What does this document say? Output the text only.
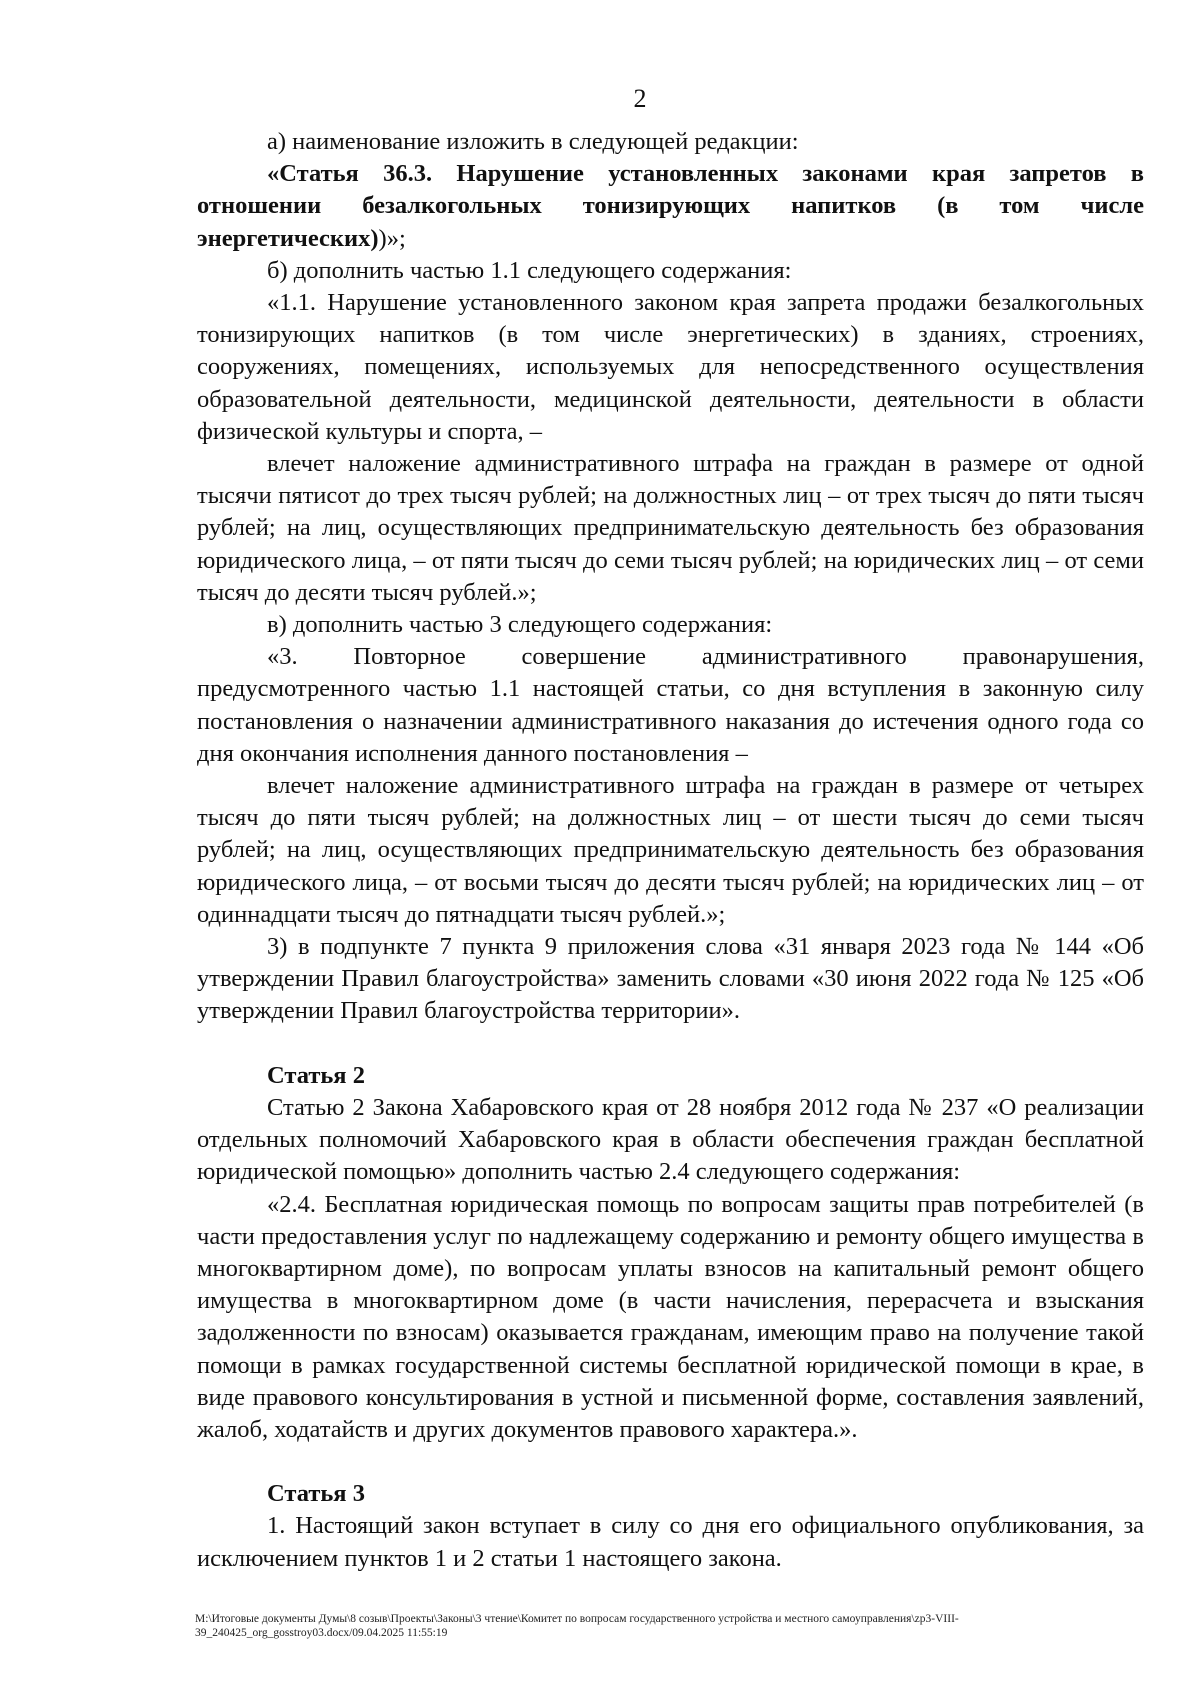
2

а) наименование изложить в следующей редакции:

«Статья 36.3. Нарушение установленных законами края запретов в отношении безалкогольных тонизирующих напитков (в том числе энергетических))»;

б) дополнить частью 1.1 следующего содержания:

«1.1. Нарушение установленного законом края запрета продажи безалкогольных тонизирующих напитков (в том числе энергетических) в зданиях, строениях, сооружениях, помещениях, используемых для непосредственного осуществления образовательной деятельности, медицинской деятельности, деятельности в области физической культуры и спорта, –

влечет наложение административного штрафа на граждан в размере от одной тысячи пятисот до трех тысяч рублей; на должностных лиц – от трех тысяч до пяти тысяч рублей; на лиц, осуществляющих предпринимательскую деятельность без образования юридического лица, – от пяти тысяч до семи тысяч рублей; на юридических лиц – от семи тысяч до десяти тысяч рублей.»;

в) дополнить частью 3 следующего содержания:

«3. Повторное совершение административного правонарушения, предусмотренного частью 1.1 настоящей статьи, со дня вступления в законную силу постановления о назначении административного наказания до истечения одного года со дня окончания исполнения данного постановления –

влечет наложение административного штрафа на граждан в размере от четырех тысяч до пяти тысяч рублей; на должностных лиц – от шести тысяч до семи тысяч рублей; на лиц, осуществляющих предпринимательскую деятельность без образования юридического лица, – от восьми тысяч до десяти тысяч рублей; на юридических лиц – от одиннадцати тысяч до пятнадцати тысяч рублей.»;

3) в подпункте 7 пункта 9 приложения слова «31 января 2023 года № 144 «Об утверждении Правил благоустройства» заменить словами «30 июня 2022 года № 125 «Об утверждении Правил благоустройства территории».

Статья 2

Статью 2 Закона Хабаровского края от 28 ноября 2012 года № 237 «О реализации отдельных полномочий Хабаровского края в области обеспечения граждан бесплатной юридической помощью» дополнить частью 2.4 следующего содержания:

«2.4. Бесплатная юридическая помощь по вопросам защиты прав потребителей (в части предоставления услуг по надлежащему содержанию и ремонту общего имущества в многоквартирном доме), по вопросам уплаты взносов на капитальный ремонт общего имущества в многоквартирном доме (в части начисления, перерасчета и взыскания задолженности по взносам) оказывается гражданам, имеющим право на получение такой помощи в рамках государственной системы бесплатной юридической помощи в крае, в виде правового консультирования в устной и письменной форме, составления заявлений, жалоб, ходатайств и других документов правового характера.».

Статья 3

1. Настоящий закон вступает в силу со дня его официального опубликования, за исключением пунктов 1 и 2 статьи 1 настоящего закона.

M:\Итоговые документы Думы\8 созыв\Проекты\Законы\3 чтение\Комитет по вопросам государственного устройства и местного самоуправления\zp3-VIII-39_240425_org_gosstroy03.docx/09.04.2025 11:55:19
